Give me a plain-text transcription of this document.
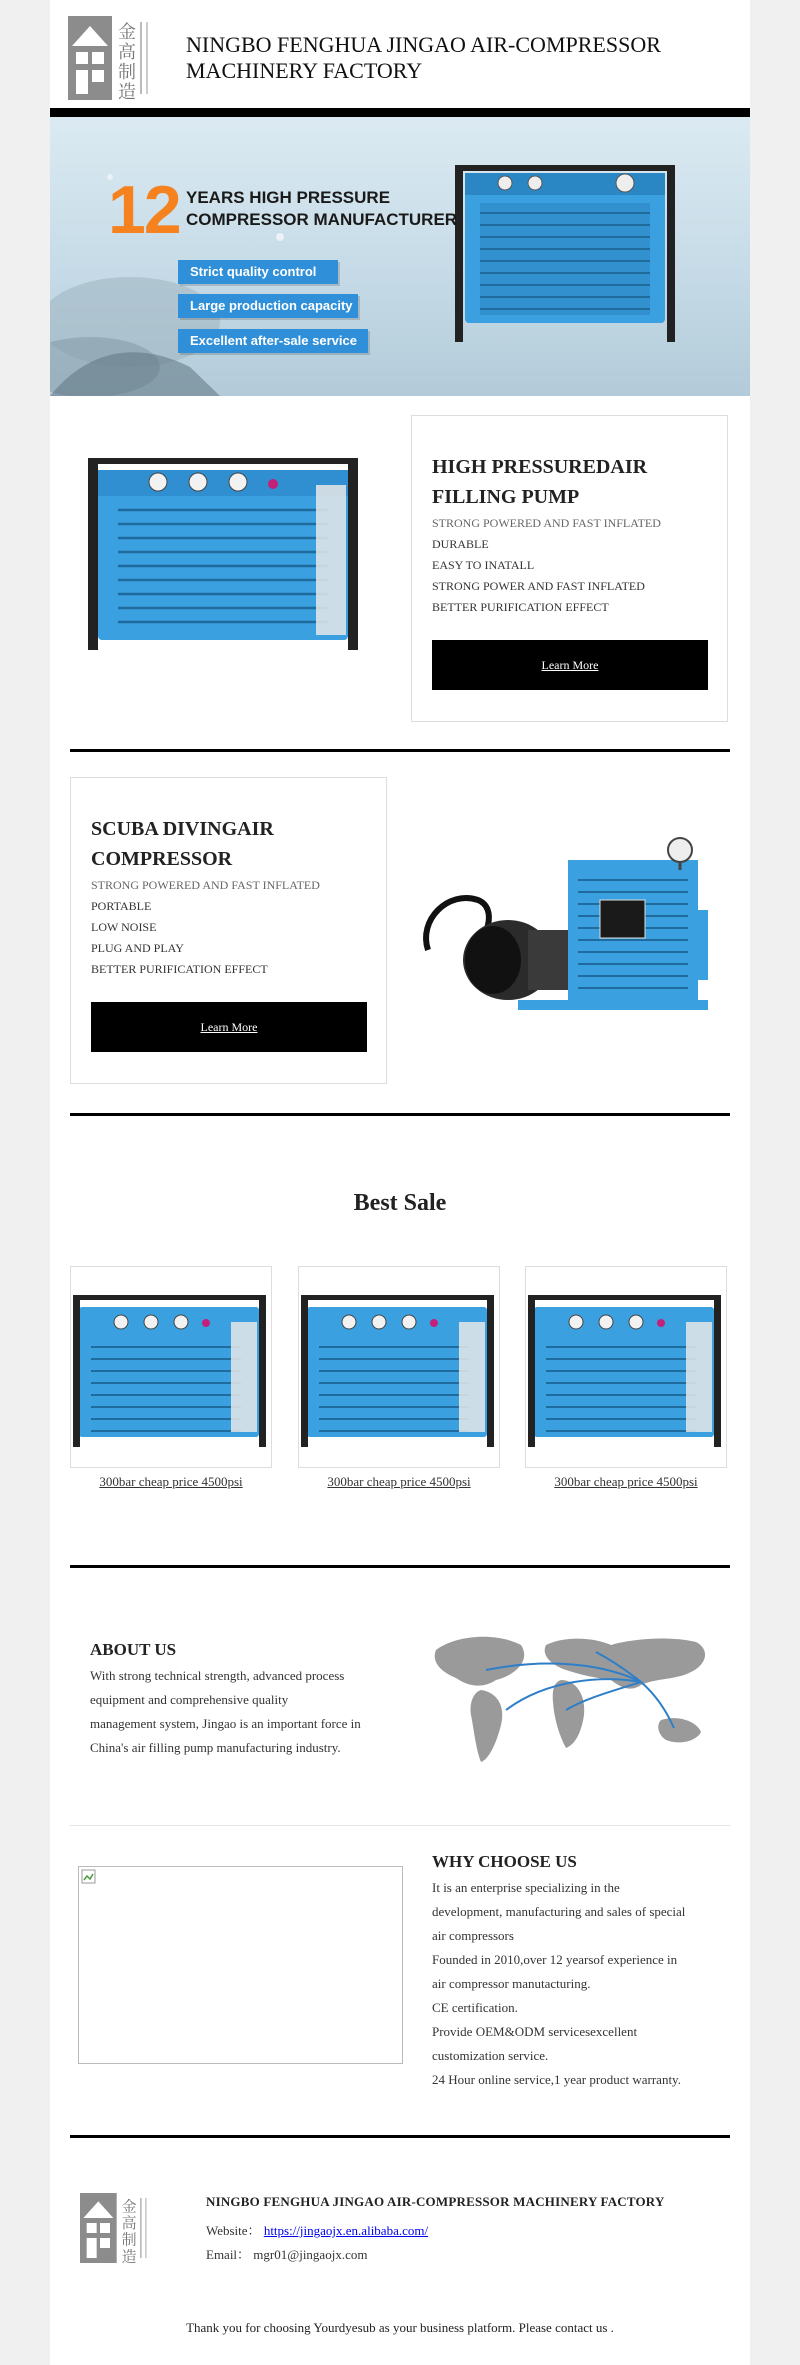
金
高
制
造
NINGBO FENGHUA JINGAO AIR-COMPRESSOR MACHINERY FACTORY
12 YEARS HIGH PRESSURE
COMPRESSOR MANUFACTURER
Strict quality control
Large production capacity
Excellent after-sale service
HIGH PRESSUREDAIR FILLING PUMP
STRONG POWERED AND FAST INFLATED
DURABLE
EASY TO INATALL
STRONG POWER AND FAST INFLATED
BETTER PURIFICATION EFFECT
Learn More
SCUBA DIVINGAIR COMPRESSOR
STRONG POWERED AND FAST INFLATED
PORTABLE
LOW NOISE
PLUG AND PLAY
BETTER PURIFICATION EFFECT
Learn More
Best Sale
300bar cheap price 4500psi	300bar cheap price 4500psi	300bar cheap price 4500psi
ABOUT US
With strong technical strength, advanced process
equipment and comprehensive quality
management system, Jingao is an important force in
China's air filling pump manufacturing industry.
WHY CHOOSE US
It is an enterprise specializing in the
development, manufacturing and sales of special
air compressors
Founded in 2010,over 12 yearsof experience in
air compressor manutacturing.
CE certification.
Provide OEM&ODM servicesexcellent
customization service.
24 Hour online service,1 year product warranty.
金
高
制
造
NINGBO FENGHUA JINGAO AIR-COMPRESSOR MACHINERY FACTORY
Website： https://jingaojx.en.alibaba.com/
Email： mgr01@jingaojx.com
Thank you for choosing Yourdyesub as your business platform. Please contact us .
